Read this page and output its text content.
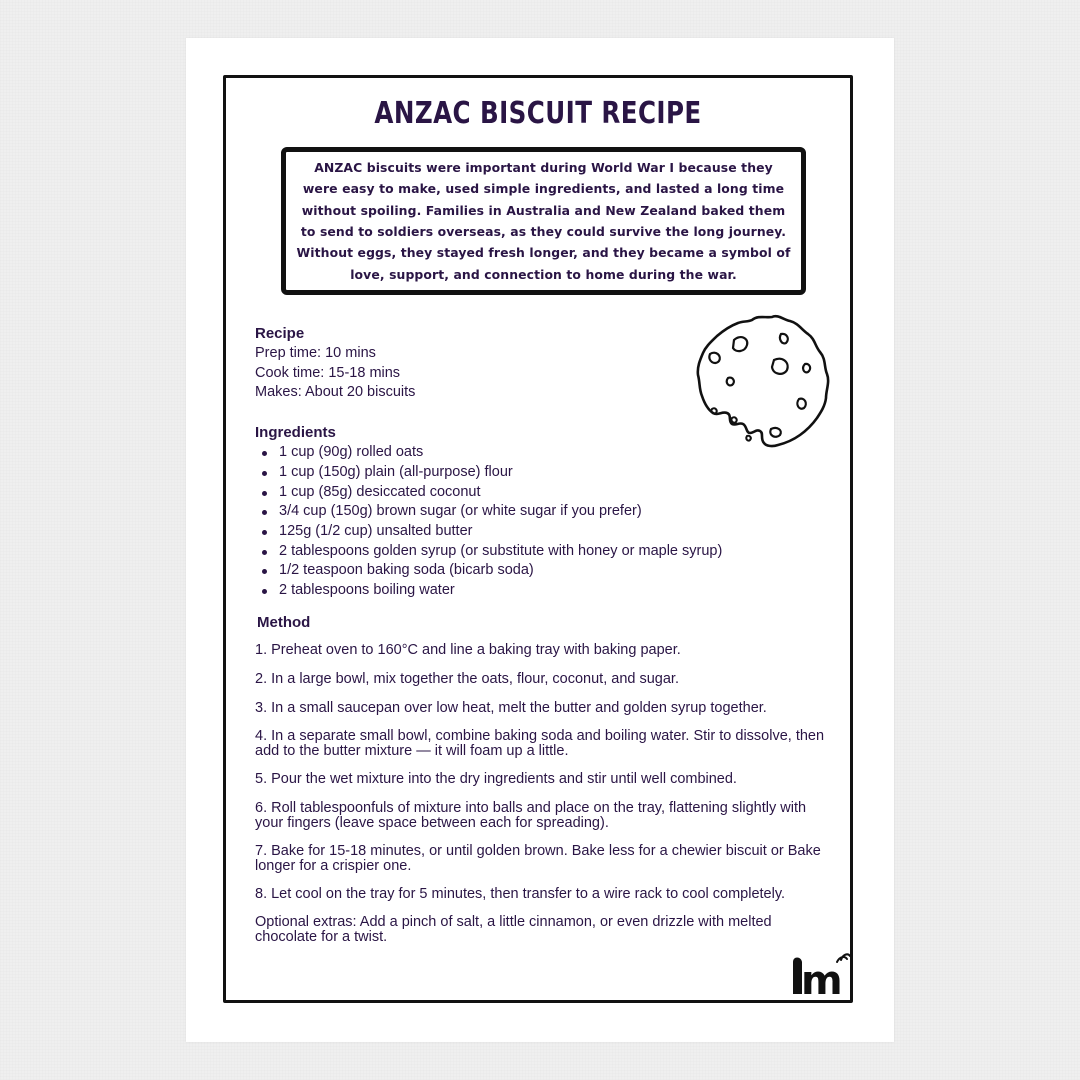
ANZAC BISCUIT RECIPE

ANZAC biscuits were important during World War I because they were easy to make, used simple ingredients, and lasted a long time without spoiling. Families in Australia and New Zealand baked them to send to soldiers overseas, as they could survive the long journey. Without eggs, they stayed fresh longer, and they became a symbol of love, support, and connection to home during the war.

Recipe

Prep time: 10 mins

Cook time: 15-18 mins

Makes: About 20 biscuits

Ingredients

1 cup (90g) rolled oats
1 cup (150g) plain (all-purpose) flour
1 cup (85g) desiccated coconut
3/4 cup (150g) brown sugar (or white sugar if you prefer)
125g (1/2 cup) unsalted butter
2 tablespoons golden syrup (or substitute with honey or maple syrup)
1/2 teaspoon baking soda (bicarb soda)
2 tablespoons boiling water

Method

1. Preheat oven to 160°C and line a baking tray with baking paper.

2. In a large bowl, mix together the oats, flour, coconut, and sugar.

3. In a small saucepan over low heat, melt the butter and golden syrup together.

4. In a separate small bowl, combine baking soda and boiling water. Stir to dissolve, then add to the butter mixture — it will foam up a little.

5. Pour the wet mixture into the dry ingredients and stir until well combined.

6. Roll tablespoonfuls of mixture into balls and place on the tray, flattening slightly with your fingers (leave space between each for spreading).

7. Bake for 15-18 minutes, or until golden brown. Bake less for a chewier biscuit or Bake longer for a crispier one.

8. Let cool on the tray for 5 minutes, then transfer to a wire rack to cool completely.

Optional extras: Add a pinch of salt, a little cinnamon, or even drizzle with melted chocolate for a twist.

m
